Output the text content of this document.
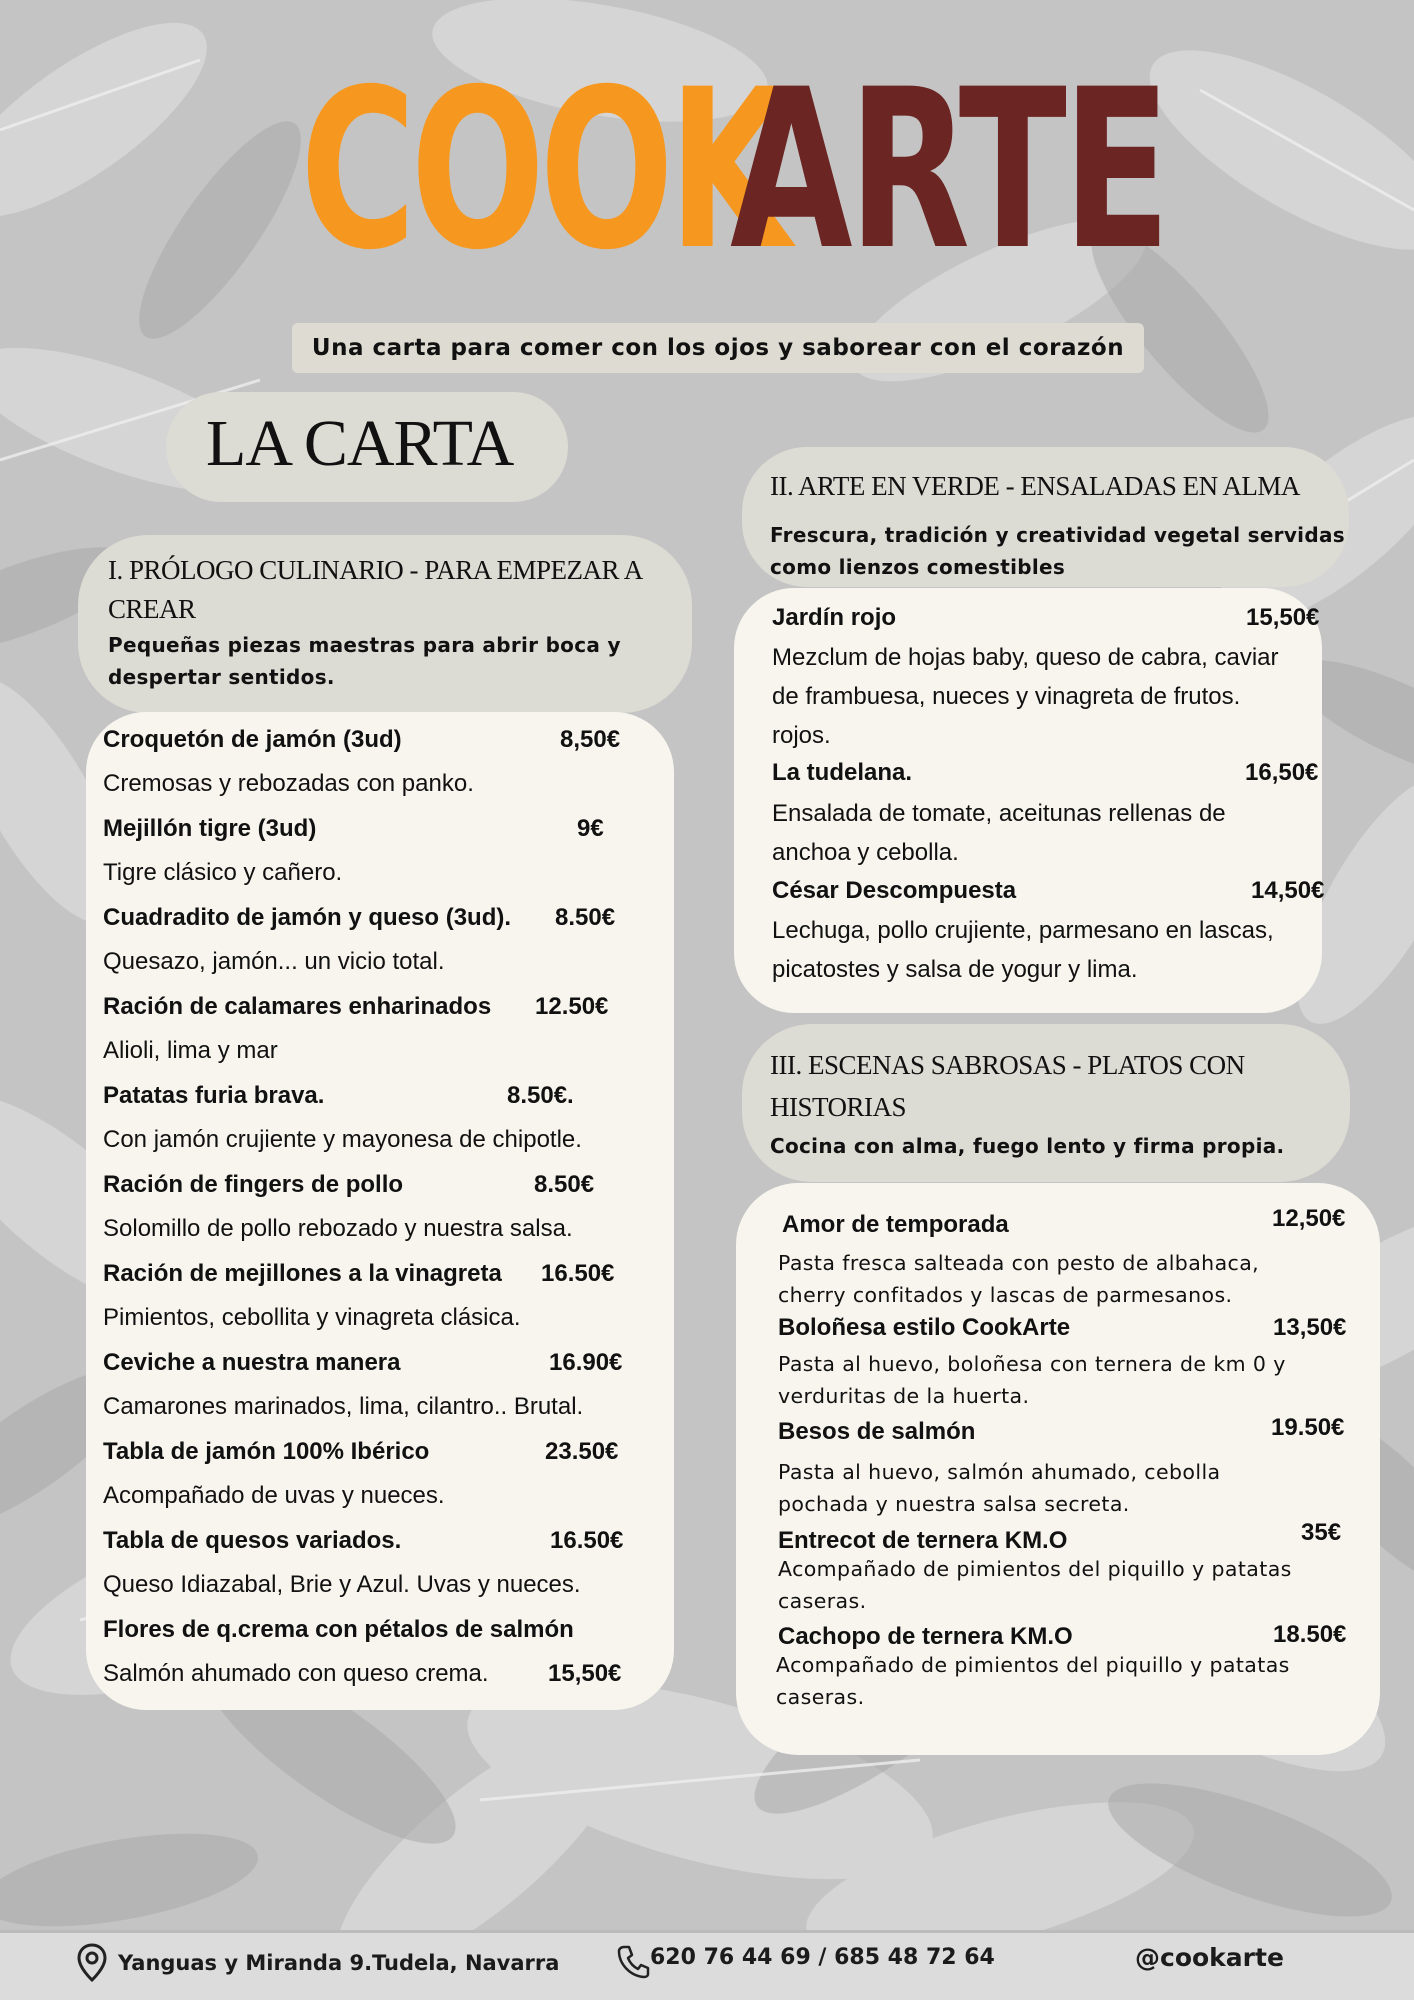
COOK
ARTE
Una carta para comer con los ojos y saborear con el corazón
LA CARTA
I. PRÓLOGO CULINARIO - PARA EMPEZAR A CREAR
Pequeñas piezas maestras para abrir boca y despertar sentidos.
Croquetón de jamón (3ud)	8,50€
Cremosas y rebozadas con panko.
Mejillón tigre (3ud)	9€
Tigre clásico y cañero.
Cuadradito de jamón y queso (3ud). 8.50€
Quesazo, jamón... un vicio total.
Ración de calamares enharinados 12.50€
Alioli, lima y mar
Patatas furia brava.	8.50€.
Con jamón crujiente y mayonesa de chipotle.
Ración de fingers de pollo	8.50€
Solomillo de pollo rebozado y nuestra salsa.
Ración de mejillones a la vinagreta 16.50€
Pimientos, cebollita y vinagreta clásica.
Ceviche a nuestra manera	16.90€
Camarones marinados, lima, cilantro.. Brutal.
Tabla de jamón 100% Ibérico	23.50€
Acompañado de uvas y nueces.
Tabla de quesos variados.	16.50€
Queso Idiazabal, Brie y Azul. Uvas y nueces.
Flores de q.crema con pétalos de salmón
Salmón ahumado con queso crema. 15,50€
II. ARTE EN VERDE - ENSALADAS EN ALMA
Frescura, tradición y creatividad vegetal servidas como lienzos comestibles
Jardín rojo	15,50€
Mezclum de hojas baby, queso de cabra, caviar
de frambuesa, nueces y vinagreta de frutos.
rojos.
La tudelana.	16,50€
Ensalada de tomate, aceitunas rellenas de
anchoa y cebolla.
César Descompuesta	14,50€
Lechuga, pollo crujiente, parmesano en lascas,
picatostes y salsa de yogur y lima.
III. ESCENAS SABROSAS - PLATOS CON HISTORIAS
Cocina con alma, fuego lento y firma propia.
Amor de temporada	12,50€
Pasta fresca salteada con pesto de albahaca,
cherry confitados y lascas de parmesanos.
Boloñesa estilo CookArte	13,50€
Pasta al huevo, boloñesa con ternera de km 0 y
verduritas de la huerta.
Besos de salmón	19.50€
Pasta al huevo, salmón ahumado, cebolla
pochada y nuestra salsa secreta.
Entrecot de ternera KM.O	35€
Acompañado de pimientos del piquillo y patatas
caseras.
Cachopo de ternera KM.O	18.50€
Acompañado de pimientos del piquillo y patatas
caseras.
Yanguas y Miranda 9.Tudela, Navarra	620 76 44 69 / 685 48 72 64	@cookarte
